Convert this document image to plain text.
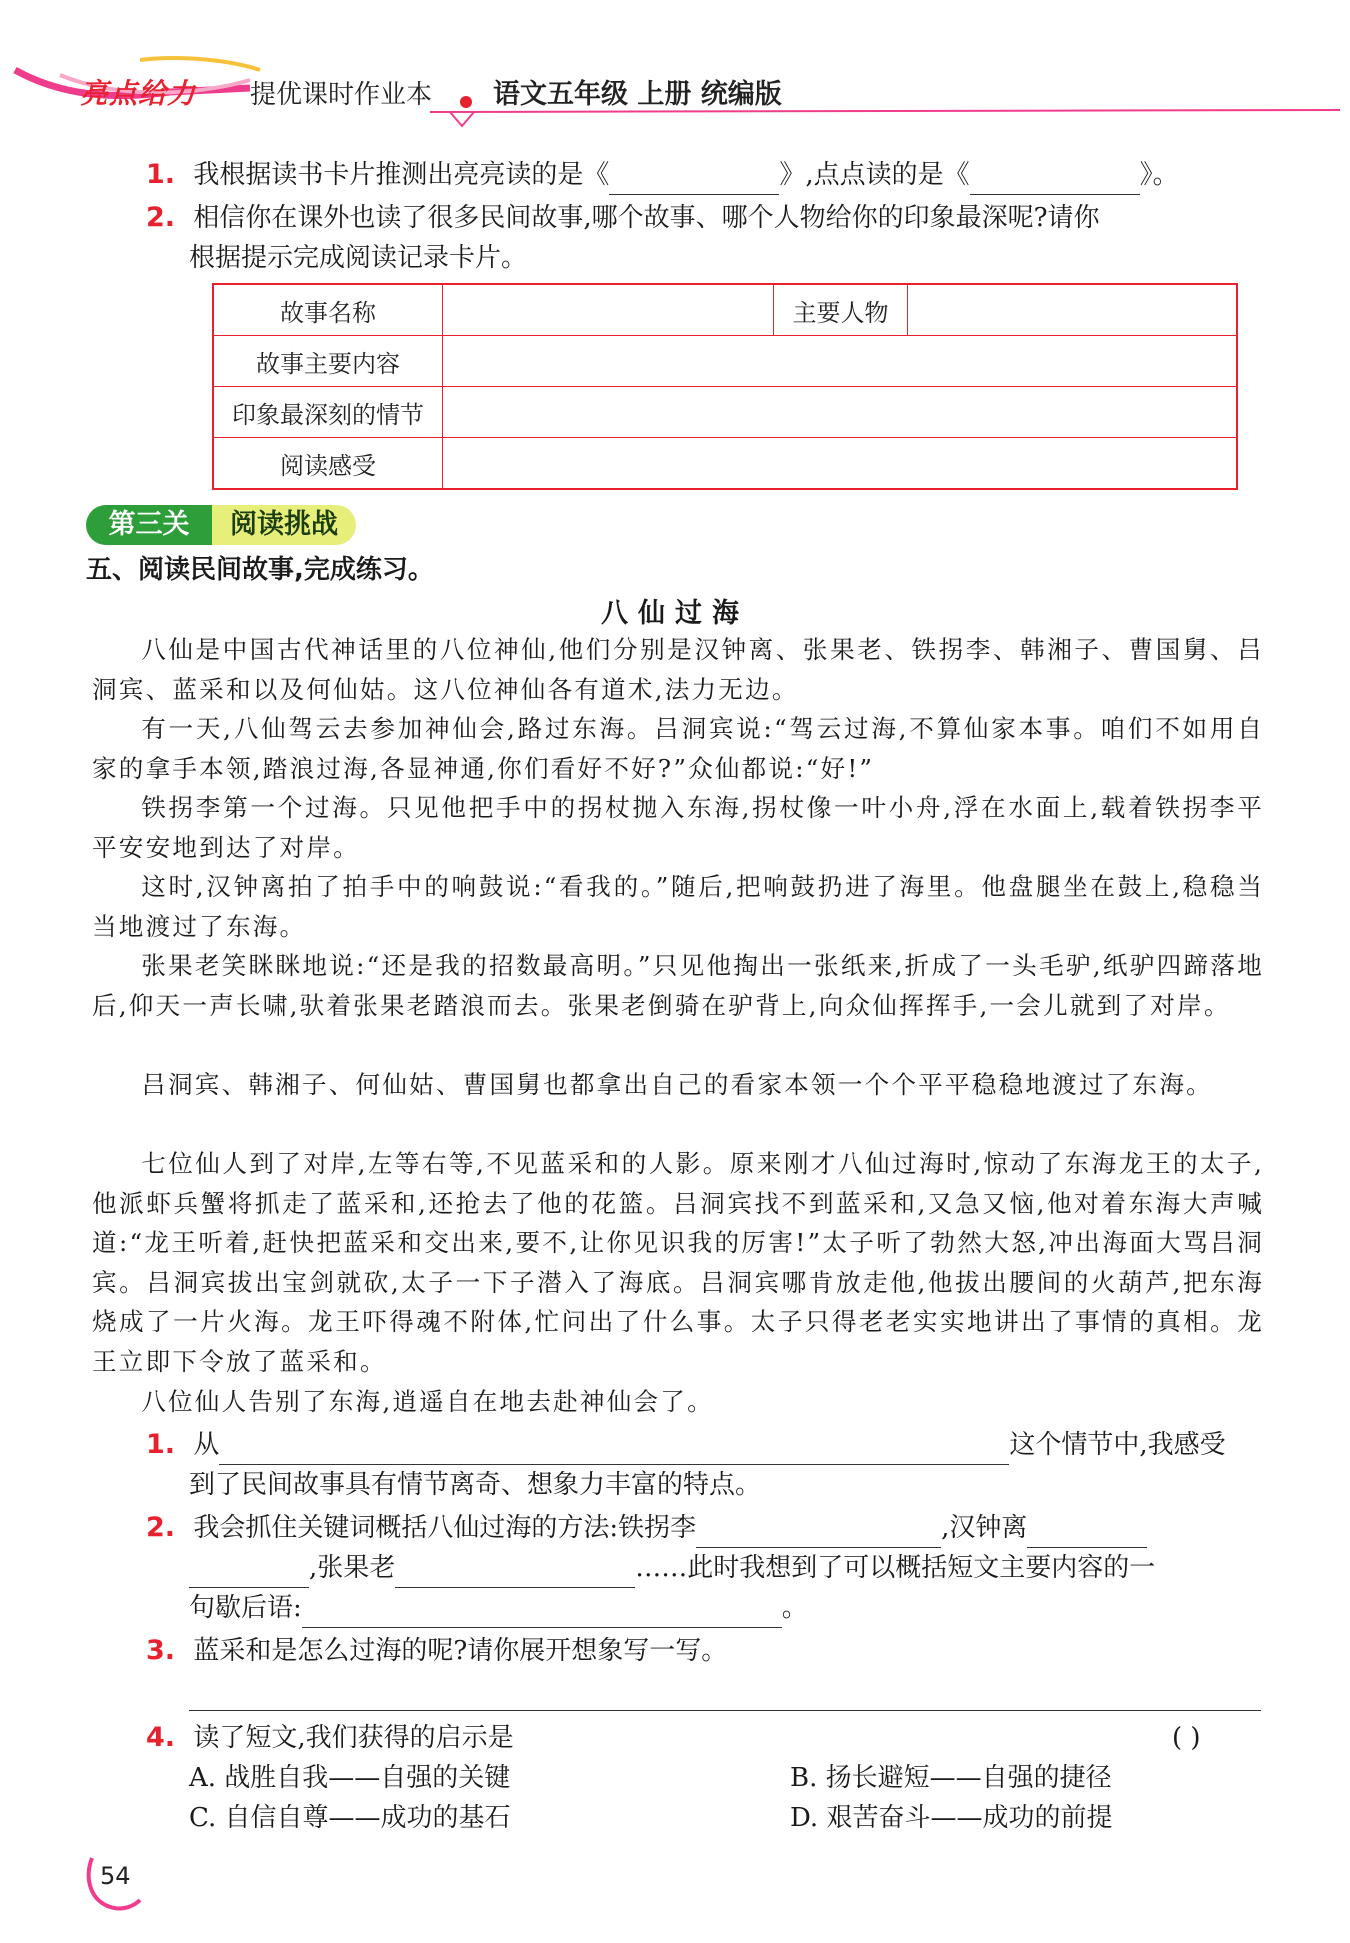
亮点给力 提优课时作业本 语文五年级 上册 统编版
1. 我根据读书卡片推测出亮亮读的是《	》,点点读的是《	》。
2. 相信你在课外也读了很多民间故事,哪个故事、哪个人物给你的印象最深呢?请你
根据提示完成阅读记录卡片。
故事名称		主要人物	
故事主要内容			
印象最深刻的情节			
阅读感受			
第三关	阅读挑战
五、阅读民间故事,完成练习。
八仙过海

八仙是中国古代神话里的八位神仙,他们分别是汉钟离、张果老、铁拐李、韩湘子、曹国舅、吕洞宾、蓝采和以及何仙姑。这八位神仙各有道术,法力无边。

有一天,八仙驾云去参加神仙会,路过东海。吕洞宾说:“驾云过海,不算仙家本事。咱们不如用自家的拿手本领,踏浪过海,各显神通,你们看好不好?”众仙都说:“好!”

铁拐李第一个过海。只见他把手中的拐杖抛入东海,拐杖像一叶小舟,浮在水面上,载着铁拐李平平安安地到达了对岸。

这时,汉钟离拍了拍手中的响鼓说:“看我的。”随后,把响鼓扔进了海里。他盘腿坐在鼓上,稳稳当当地渡过了东海。

张果老笑眯眯地说:“还是我的招数最高明。”只见他掏出一张纸来,折成了一头毛驴,纸驴四蹄落地后,仰天一声长啸,驮着张果老踏浪而去。张果老倒骑在驴背上,向众仙挥挥手,一会儿就到了对岸。

吕洞宾、韩湘子、何仙姑、曹国舅也都拿出自己的看家本领一个个平平稳稳地渡过了东海。

七位仙人到了对岸,左等右等,不见蓝采和的人影。原来刚才八仙过海时,惊动了东海龙王的太子,他派虾兵蟹将抓走了蓝采和,还抢去了他的花篮。吕洞宾找不到蓝采和,又急又恼,他对着东海大声喊道:“龙王听着,赶快把蓝采和交出来,要不,让你见识我的厉害!”太子听了勃然大怒,冲出海面大骂吕洞宾。吕洞宾拔出宝剑就砍,太子一下子潜入了海底。吕洞宾哪肯放走他,他拔出腰间的火葫芦,把东海烧成了一片火海。龙王吓得魂不附体,忙问出了什么事。太子只得老老实实地讲出了事情的真相。龙王立即下令放了蓝采和。

八位仙人告别了东海,逍遥自在地去赴神仙会了。

1. 从	这个情节中,我感受
到了民间故事具有情节离奇、想象力丰富的特点。
2. 我会抓住关键词概括八仙过海的方法:铁拐李	,汉钟离
,张果老	……此时我想到了可以概括短文主要内容的一
句歇后语:	。
3. 蓝采和是怎么过海的呢?请你展开想象写一写。
4. 读了短文,我们获得的启示是	( )
A. 战胜自我——自强的关键	B. 扬长避短——自强的捷径
C. 自信自尊——成功的基石	D. 艰苦奋斗——成功的前提
54
